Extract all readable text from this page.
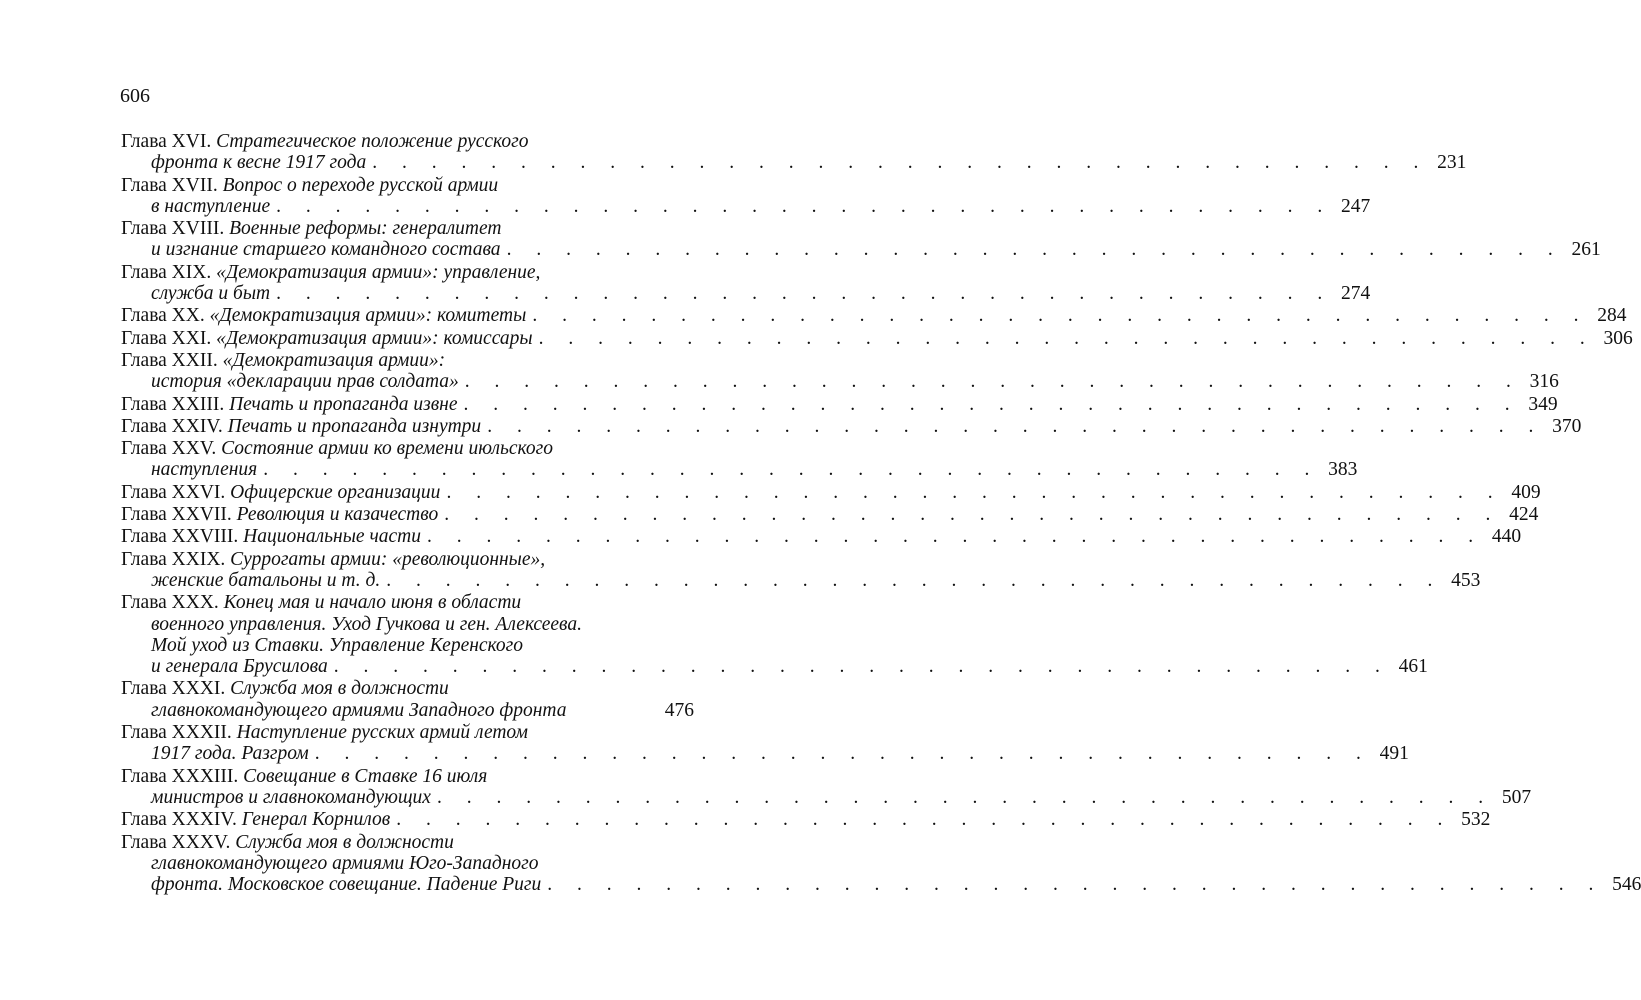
606
Глава XVI. Стратегическое положение русского
фронта к весне 1917 года . . . . . . . . . . . . . . . . . . . . . . . . . . . . . . . . . . . . 231
Глава XVII. Вопрос о переходе русской армии
в наступление . . . . . . . . . . . . . . . . . . . . . . . . . . . . . . . . . . . . 247
Глава XVIII. Военные реформы: генералитет
и изгнание старшего командного состава . . . . . . . . . . . . . . . . . . . . . . . . . . . . . . . . . . . . 261
Глава XIX. «Демократизация армии»: управление,
служба и быт . . . . . . . . . . . . . . . . . . . . . . . . . . . . . . . . . . . . 274
Глава XX. «Демократизация армии»: комитеты . . . . . . . . . . . . . . . . . . . . . . . . . . . . . . . . . . . . 284
Глава XXI. «Демократизация армии»: комиссары . . . . . . . . . . . . . . . . . . . . . . . . . . . . . . . . . . . . 306
Глава XXII. «Демократизация армии»:
история «декларации прав солдата» . . . . . . . . . . . . . . . . . . . . . . . . . . . . . . . . . . . . 316
Глава XXIII. Печать и пропаганда извне . . . . . . . . . . . . . . . . . . . . . . . . . . . . . . . . . . . . 349
Глава XXIV. Печать и пропаганда изнутри . . . . . . . . . . . . . . . . . . . . . . . . . . . . . . . . . . . . 370
Глава XXV. Состояние армии ко времени июльского
наступления . . . . . . . . . . . . . . . . . . . . . . . . . . . . . . . . . . . . 383
Глава XXVI. Офицерские организации . . . . . . . . . . . . . . . . . . . . . . . . . . . . . . . . . . . . 409
Глава XXVII. Революция и казачество . . . . . . . . . . . . . . . . . . . . . . . . . . . . . . . . . . . . 424
Глава XXVIII. Национальные части . . . . . . . . . . . . . . . . . . . . . . . . . . . . . . . . . . . . 440
Глава XXIX. Суррогаты армии: «революционные»,
женские батальоны и т. д. . . . . . . . . . . . . . . . . . . . . . . . . . . . . . . . . . . . . 453
Глава XXX. Конец мая и начало июня в области
военного управления. Уход Гучкова и ген. Алексеева.
Мой уход из Ставки. Управление Керенского
и генерала Брусилова . . . . . . . . . . . . . . . . . . . . . . . . . . . . . . . . . . . . 461
Глава XXXI. Служба моя в должности
главнокомандующего армиями Западного фронта	476
Глава XXXII. Наступление русских армий летом
1917 года. Разгром . . . . . . . . . . . . . . . . . . . . . . . . . . . . . . . . . . . . 491
Глава XXXIII. Совещание в Ставке 16 июля
министров и главнокомандующих . . . . . . . . . . . . . . . . . . . . . . . . . . . . . . . . . . . . 507
Глава XXXIV. Генерал Корнилов . . . . . . . . . . . . . . . . . . . . . . . . . . . . . . . . . . . . 532
Глава XXXV. Служба моя в должности
главнокомандующего армиями Юго-Западного
фронта. Московское совещание. Падение Риги . . . . . . . . . . . . . . . . . . . . . . . . . . . . . . . . . . . . 546
